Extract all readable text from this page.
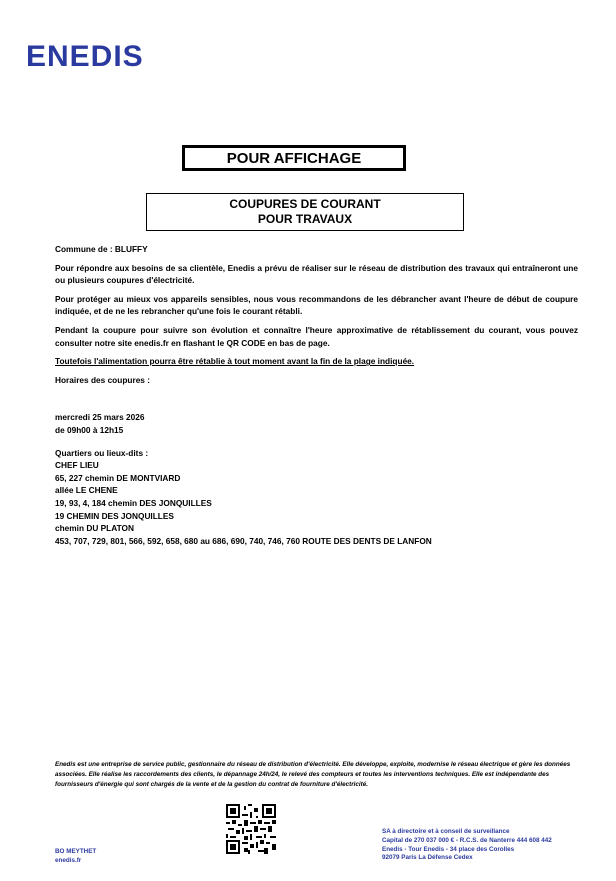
ENEDIS
POUR AFFICHAGE
COUPURES DE COURANT
POUR TRAVAUX

Commune de : BLUFFY

Pour répondre aux besoins de sa clientèle, Enedis a prévu de réaliser sur le réseau de distribution des travaux qui entraîneront une ou plusieurs coupures d'électricité.

Pour protéger au mieux vos appareils sensibles, nous vous recommandons de les débrancher avant l'heure de début de coupure indiquée, et de ne les rebrancher qu'une fois le courant rétabli.

Pendant la coupure pour suivre son évolution et connaître l'heure approximative de rétablissement du courant, vous pouvez consulter notre site enedis.fr en flashant le QR CODE en bas de page.

Toutefois l'alimentation pourra être rétablie à tout moment avant la fin de la plage indiquée.

Horaires des coupures :

mercredi 25 mars 2026

de 09h00 à 12h15

Quartiers ou lieux-dits :

CHEF LIEU

65, 227 chemin DE MONTVIARD

allée LE CHENE

19, 93, 4, 184 chemin DES JONQUILLES

19 CHEMIN DES JONQUILLES

chemin DU PLATON

453, 707, 729, 801, 566, 592, 658, 680 au 686, 690, 740, 746, 760 ROUTE DES DENTS DE LANFON

Enedis est une entreprise de service public, gestionnaire du réseau de distribution d'électricité. Elle développe, exploite, modernise le réseau électrique et gère les données associées. Elle réalise les raccordements des clients, le dépannage 24h/24, le relevé des compteurs et toutes les interventions techniques. Elle est indépendante des fournisseurs d'énergie qui sont chargés de la vente et de la gestion du contrat de fourniture d'électricité.
BO MEYTHET
enedis.fr
SA à directoire et à conseil de surveillance
Capital de 270 037 000 € - R.C.S. de Nanterre 444 608 442
Enedis - Tour Enedis - 34 place des Corolles
92079 Paris La Défense Cedex
